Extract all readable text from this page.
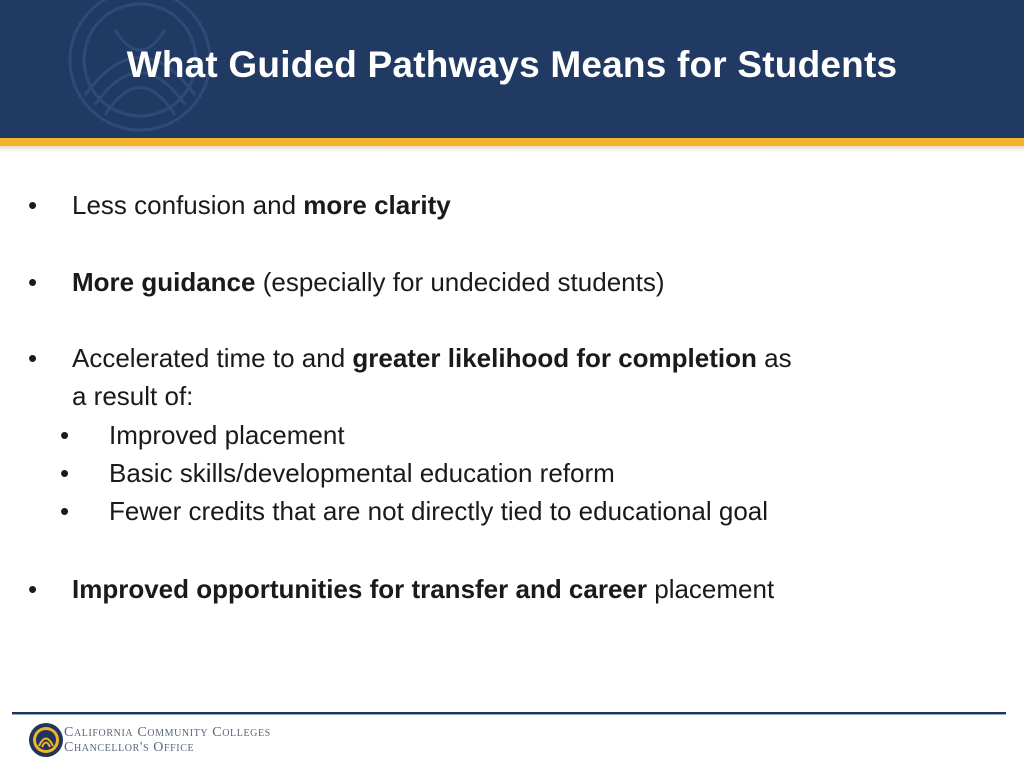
What Guided Pathways Means for Students
• Less confusion and more clarity
• More guidance (especially for undecided students)
• Accelerated time to and greater likelihood for completion as
a result of:
•	Improved placement
•	Basic skills/developmental education reform
•	Fewer credits that are not directly tied to educational goal
• Improved opportunities for transfer and career placement
California Community Colleges
Chancellor's Office
